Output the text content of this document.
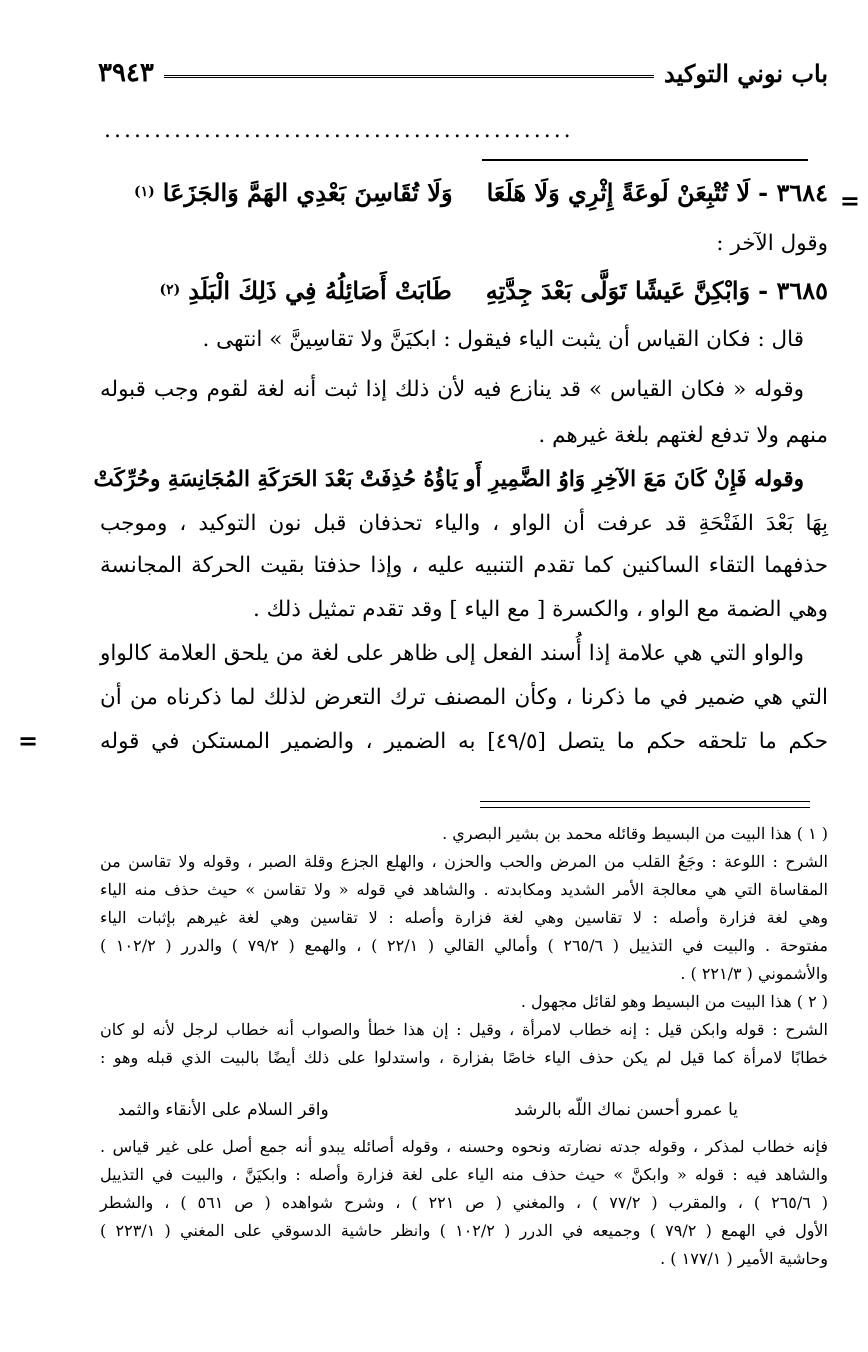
باب نوني التوكيد
٣٩٤٣
...............................................
=
٣٦٨٤ -
لَا تُتْبِعَنْ لَوعَةً إِثْرِي وَلَا هَلَعَا
وَلَا تُقَاسِنَ بَعْدِي الهَمَّ وَالجَزَعَا
(١)
وقول الآخر :
٣٦٨٥ -
وَابْكِنَّ عَيشًا تَوَلَّى بَعْدَ جِدَّتِهِ
طَابَتْ أَصَائِلُهُ فِي ذَلِكَ الْبَلَدِ
(٢)
قال : فكان القياس أن يثبت الياء فيقول : ابكيَنَّ ولا تقاسِينَّ » انتهى .
وقوله « فكان القياس » قد ينازع فيه لأن ذلك إذا ثبت أنه لغة لقوم وجب قبوله
منهم ولا تدفع لغتهم بلغة غيرهم .
وقوله فَإِنْ كَانَ مَعَ الآخِرِ وَاوُ الضَّمِيرِ أَو يَاؤُهُ حُذِفَتْ بَعْدَ الحَرَكَةِ المُجَانِسَةِ وحُرِّكَتْ
بِهَا بَعْدَ الفَتْحَةِ قد عرفت أن الواو ، والياء تحذفان قبل نون التوكيد ، وموجب
حذفهما التقاء الساكنين كما تقدم التنبيه عليه ، وإذا حذفتا بقيت الحركة المجانسة
وهي الضمة مع الواو ، والكسرة [ مع الياء ] وقد تقدم تمثيل ذلك .
والواو التي هي علامة إذا أُسند الفعل إلى ظاهر على لغة من يلحق العلامة كالواو
التي هي ضمير في ما ذكرنا ، وكأن المصنف ترك التعرض لذلك لما ذكرناه من أن
حكم ما تلحقه حكم ما يتصل [٤٩/٥] به الضمير ، والضمير المستكن في قوله
=
( ١ ) هذا البيت من البسيط وقائله محمد بن بشير البصري .
الشرح : اللوعة : وجَعُ القلب من المرض والحب والحزن ، والهلع الجزع وقلة الصبر ، وقوله ولا تقاسن من
المقاساة التي هي معالجة الأمر الشديد ومكابدته . والشاهد في قوله « ولا تقاسن » حيث حذف منه الياء
وهي لغة فزارة وأصله : لا تقاسين وهي لغة فزارة وأصله : لا تقاسين وهي لغة غيرهم بإثبات الياء
مفتوحة . والبيت في التذييل ( ٢٦٥/٦ ) وأمالي القالي ( ٢٢/١ ) ، والهمع ( ٧٩/٢ ) والدرر ( ١٠٢/٢ )
والأشموني ( ٢٢١/٣ ) .
( ٢ ) هذا البيت من البسيط وهو لقائل مجهول .
الشرح : قوله وابكن قيل : إنه خطاب لامرأة ، وقيل : إن هذا خطأ والصواب أنه خطاب لرجل لأنه لو كان
خطابًا لامرأة كما قيل لم يكن حذف الياء خاصًا بفزارة ، واستدلوا على ذلك أيضًا بالبيت الذي قبله وهو :
يا عمرو أحسن نماك اللّه بالرشد
واقر السلام على الأنقاء والثمد
فإنه خطاب لمذكر ، وقوله جدته نضارته ونحوه وحسنه ، وقوله أصائله يبدو أنه جمع أصل على غير قياس .
والشاهد فيه : قوله « وابكنَّ » حيث حذف منه الياء على لغة فزارة وأصله : وابكيَنَّ ، والبيت في التذييل
( ٢٦٥/٦ ) ، والمقرب ( ٧٧/٢ ) ، والمغني ( ص ٢٢١ ) ، وشرح شواهده ( ص ٥٦١ ) ، والشطر
الأول في الهمع ( ٧٩/٢ ) وجميعه في الدرر ( ١٠٢/٢ ) وانظر حاشية الدسوقي على المغني ( ٢٢٣/١ )
وحاشية الأمير ( ١٧٧/١ ) .
